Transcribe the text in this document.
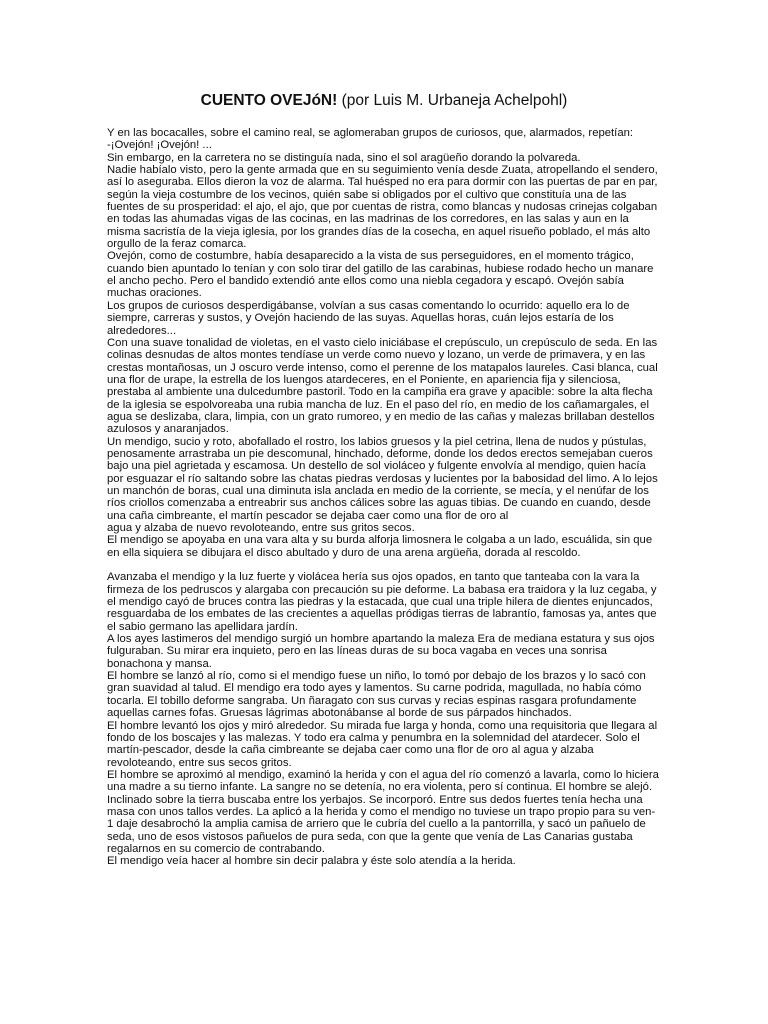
CUENTO OVEJóN! (por Luis M. Urbaneja Achelpohl)
Y en las bocacalles, sobre el camino real, se aglomeraban grupos de curiosos, que, alarmados, repetían:
-¡Ovejón! ¡Ovejón! ...
Sin embargo, en la carretera no se distinguía nada, sino el sol aragüeño dorando la polvareda.
Nadie habíalo visto, pero la gente armada que en su seguimiento venía desde Zuata, atropellando el sendero,
así lo aseguraba. Ellos dieron la voz de alarma. Tal huésped no era para dormir con las puertas de par en par,
según la vieja costumbre de los vecinos, quién sabe si obligados por el cultivo que constituía una de las
fuentes de su prosperidad: el ajo, el ajo, que por cuentas de ristra, como blancas y nudosas crinejas colgaban
en todas las ahumadas vigas de las cocinas, en las madrinas de los corredores, en las salas y aun en la
misma sacristía de la vieja iglesia, por los grandes días de la cosecha, en aquel risueño poblado, el más alto
orgullo de la feraz comarca.
Ovejón, como de costumbre, había desaparecido a la vista de sus perseguidores, en el momento trágico,
cuando bien apuntado lo tenían y con solo tirar del gatillo de las carabinas, hubiese rodado hecho un manare
el ancho pecho. Pero el bandido extendió ante ellos como una niebla cegadora y escapó. Ovejón sabía
muchas oraciones.
Los grupos de curiosos desperdigábanse, volvían a sus casas comentando lo ocurrido: aquello era lo de
siempre, carreras y sustos, y Ovejón haciendo de las suyas. Aquellas horas, cuán lejos estaría de los
alrededores...
Con una suave tonalidad de violetas, en el vasto cielo iniciábase el crepúsculo, un crepúsculo de seda. En las
colinas desnudas de altos montes tendíase un verde como nuevo y lozano, un verde de primavera, y en las
crestas montañosas, un J oscuro verde intenso, como el perenne de los matapalos laureles. Casi blanca, cual
una flor de urape, la estrella de los luengos atardeceres, en el Poniente, en apariencia fija y silenciosa,
prestaba al ambiente una dulcedumbre pastoril. Todo en la campiña era grave y apacible: sobre la alta flecha
de la iglesia se espolvoreaba una rubia mancha de luz. En el paso del río, en medio de los cañamargales, el
agua se deslizaba, clara, limpia, con un grato rumoreo, y en medio de las cañas y malezas brillaban destellos
azulosos y anaranjados.
Un mendigo, sucio y roto, abofallado el rostro, los labios gruesos y la piel cetrina, llena de nudos y pústulas,
penosamente arrastraba un pie descomunal, hinchado, deforme, donde los dedos erectos semejaban cueros
bajo una piel agrietada y escamosa. Un destello de sol violáceo y fulgente envolvía al mendigo, quien hacía
por esguazar el río saltando sobre las chatas piedras verdosas y lucientes por la babosidad del limo. A lo lejos
un manchón de boras, cual una diminuta isla anclada en medio de la corriente, se mecía, y el nenúfar de los
ríos criollos comenzaba a entreabrir sus anchos cálices sobre las aguas tibias. De cuando en cuando, desde
una caña cimbreante, el martín pescador se dejaba caer como una flor de oro al
agua y alzaba de nuevo revoloteando, entre sus gritos secos.
El mendigo se apoyaba en una vara alta y su burda alforja limosnera le colgaba a un lado, escuálida, sin que
en ella siquiera se dibujara el disco abultado y duro de una arena argüeña, dorada al rescoldo.
Avanzaba el mendigo y la luz fuerte y violácea hería sus ojos opados, en tanto que tanteaba con la vara la
firmeza de los pedruscos y alargaba con precaución su pie deforme. La babasa era traidora y la luz cegaba, y
el mendigo cayó de bruces contra las piedras y la estacada, que cual una triple hilera de dientes enjuncados,
resguardaba de los embates de las crecientes a aquellas pródigas tierras de labrantío, famosas ya, antes que
el sabio germano las apellidara jardín.
A los ayes lastimeros del mendigo surgió un hombre apartando la maleza Era de mediana estatura y sus ojos
fulguraban. Su mirar era inquieto, pero en las líneas duras de su boca vagaba en veces una sonrisa
bonachona y mansa.
El hombre se lanzó al río, como si el mendigo fuese un niño, lo tomó por debajo de los brazos y lo sacó con
gran suavidad al talud. El mendigo era todo ayes y lamentos. Su carne podrida, magullada, no había cómo
tocarla. El tobillo deforme sangraba. Un ñaragato con sus curvas y recias espinas rasgara profundamente
aquellas carnes fofas. Gruesas lágrimas abotonábanse al borde de sus párpados hinchados.
El hombre levantó los ojos y miró alrededor. Su mirada fue larga y honda, como una requisitoria que llegara al
fondo de los boscajes y las malezas. Y todo era calma y penumbra en la solemnidad del atardecer. Solo el
martín-pescador, desde la caña cimbreante se dejaba caer como una flor de oro al agua y alzaba
revoloteando, entre sus secos gritos.
El hombre se aproximó al mendigo, examinó la herida y con el agua del río comenzó a lavarla, como lo hiciera
una madre a su tierno infante. La sangre no se detenía, no era violenta, pero sí continua. El hombre se alejó.
Inclinado sobre la tierra buscaba entre los yerbajos. Se incorporó. Entre sus dedos fuertes tenía hecha una
masa con unos tallos verdes. La aplicó a la herida y como el mendigo no tuviese un trapo propio para su ven-
1 daje desabrochó la amplia camisa de arriero que le cubría del cuello a la pantorrilla, y sacó un pañuelo de
seda, uno de esos vistosos pañuelos de pura seda, con que la gente que venía de Las Canarias gustaba
regalarnos en su comercio de contrabando.
El mendigo veía hacer al hombre sin decir palabra y éste solo atendía a la herida.
